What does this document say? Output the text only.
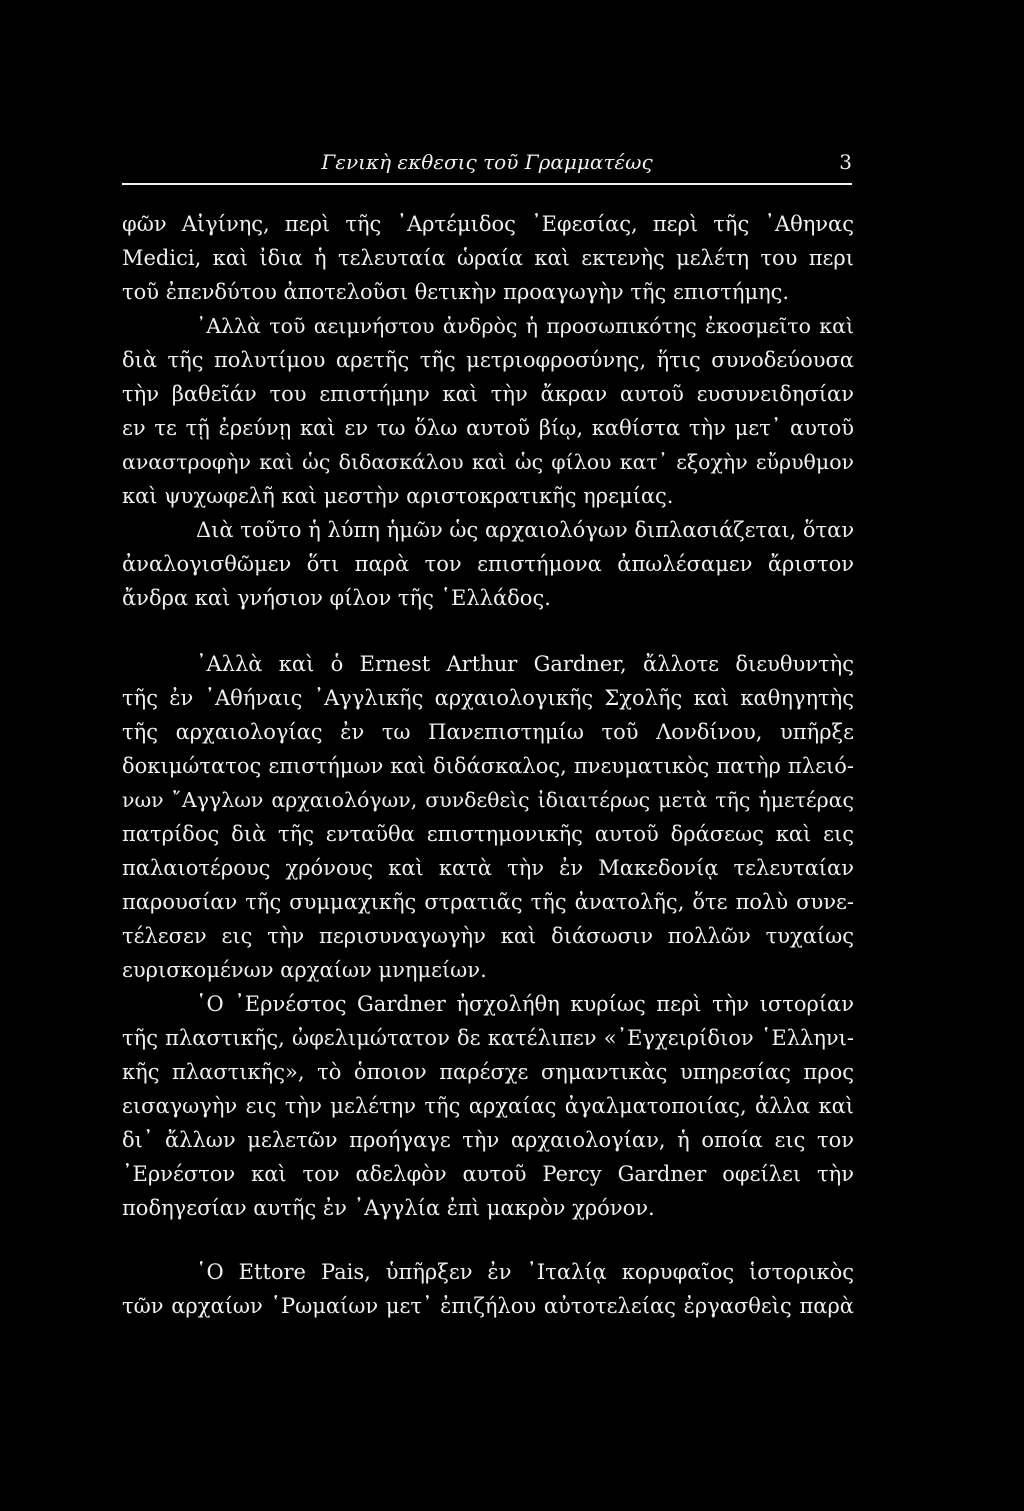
Γενικὴ εκθεσις τοῦ Γραμματέως	3
φῶν Αἰγίνης, περὶ τῆς ᾿Αρτέμιδος ᾿Εφεσίας, περὶ τῆς ᾿Αθηνας
Medici, καὶ ἰδια ἡ τελευταία ὡραία καὶ εκτενὴς μελέτη του περι
τοῦ ἐπενδύτου ἀποτελοῦσι θετικὴν προαγωγὴν τῆς επιστήμης.
᾿Αλλὰ τοῦ αειμνήστου ἀνδρὸς ἡ προσωπικότης ἐκοσμεῖτο καὶ
διὰ τῆς πολυτίμου αρετῆς τῆς μετριοφροσύνης, ἥτις συνοδεύουσα
τὴν βαθεῖάν του επιστήμην καὶ τὴν ἄκραν αυτοῦ ευσυνειδησίαν
εν τε τῇ ἐρεύνῃ καὶ εν τω ὅλω αυτοῦ βίῳ, καθίστα τὴν μετ᾿ αυτοῦ
αναστροφὴν καὶ ὡς διδασκάλου καὶ ὡς φίλου κατ᾿ εξοχὴν εὔρυθμον
καὶ ψυχωφελῆ καὶ μεστὴν αριστοκρατικῆς ηρεμίας.
Διὰ τοῦτο ἡ λύπη ἡμῶν ὡς αρχαιολόγων διπλασιάζεται, ὅταν
ἀναλογισθῶμεν ὅτι παρὰ τον επιστήμονα ἀπωλέσαμεν ἄριστον
ἄνδρα καὶ γνήσιον φίλον τῆς ῾Ελλάδος.
᾿Αλλὰ καὶ ὁ Ernest Arthur Gardner, ἄλλοτε διευθυντὴς
τῆς ἐν ᾿Αθήναις ᾿Αγγλικῆς αρχαιολογικῆς Σχολῆς καὶ καθηγητὴς
τῆς αρχαιολογίας ἐν τω Πανεπιστημίω τοῦ Λονδίνου, υπῆρξε
δοκιμώτατος επιστήμων καὶ διδάσκαλος, πνευματικὸς πατὴρ πλειό-
νων ῎Αγγλων αρχαιολόγων, συνδεθεὶς ἰδιαιτέρως μετὰ τῆς ἡμετέρας
πατρίδος διὰ τῆς ενταῦθα επιστημονικῆς αυτοῦ δράσεως καὶ εις
παλαιοτέρους χρόνους καὶ κατὰ τὴν ἐν Μακεδονίᾳ τελευταίαν
παρουσίαν τῆς συμμαχικῆς στρατιᾶς τῆς ἀνατολῆς, ὅτε πολὺ συνε-
τέλεσεν εις τὴν περισυναγωγὴν καὶ διάσωσιν πολλῶν τυχαίως
ευρισκομένων αρχαίων μνημείων.
῾Ο ᾿Ερνέστος Gardner ἠσχολήθη κυρίως περὶ τὴν ιστορίαν
τῆς πλαστικῆς, ὠφελιμώτατον δε κατέλιπεν «᾿Εγχειρίδιον ῾Ελληνι-
κῆς πλαστικῆς», τὸ ὁποιον παρέσχε σημαντικὰς υπηρεσίας προς
εισαγωγὴν εις τὴν μελέτην τῆς αρχαίας ἀγαλματοποιίας, ἀλλα καὶ
δι᾿ ἄλλων μελετῶν προήγαγε τὴν αρχαιολογίαν, ἡ οποία εις τον
᾿Ερνέστον καὶ τον αδελφὸν αυτοῦ Percy Gardner οφείλει τὴν
ποδηγεσίαν αυτῆς ἐν ᾿Αγγλία ἐπὶ μακρὸν χρόνον.
῾Ο Ettore Pais, ὑπῆρξεν ἐν ᾿Ιταλίᾳ κορυφαῖος ἱστορικὸς
τῶν αρχαίων ῾Ρωμαίων μετ᾿ ἐπιζήλου αὐτοτελείας ἐργασθεὶς παρὰ
